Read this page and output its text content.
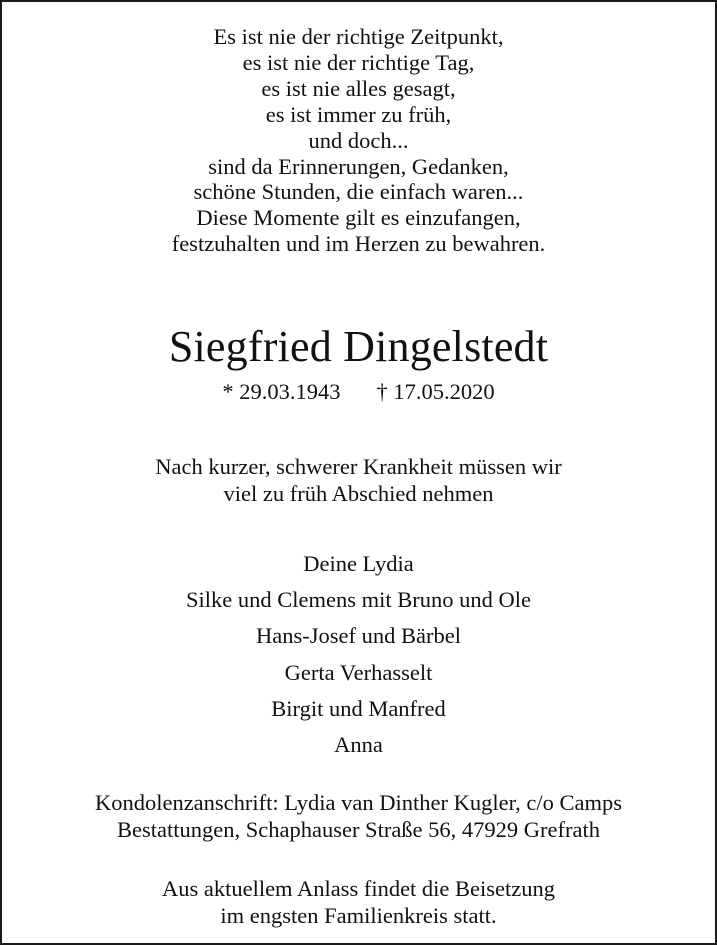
Es ist nie der richtige Zeitpunkt,
es ist nie der richtige Tag,
es ist nie alles gesagt,
es ist immer zu früh,
und doch...
sind da Erinnerungen, Gedanken,
schöne Stunden, die einfach waren...
Diese Momente gilt es einzufangen,
festzuhalten und im Herzen zu bewahren.
Siegfried Dingelstedt
* 29.03.1943 † 17.05.2020
Nach kurzer, schwerer Krankheit müssen wir
viel zu früh Abschied nehmen
Deine Lydia
Silke und Clemens mit Bruno und Ole
Hans-Josef und Bärbel
Gerta Verhasselt
Birgit und Manfred
Anna
Kondolenzanschrift: Lydia van Dinther Kugler, c/o Camps
Bestattungen, Schaphauser Straße 56, 47929 Grefrath
Aus aktuellem Anlass findet die Beisetzung
im engsten Familienkreis statt.
